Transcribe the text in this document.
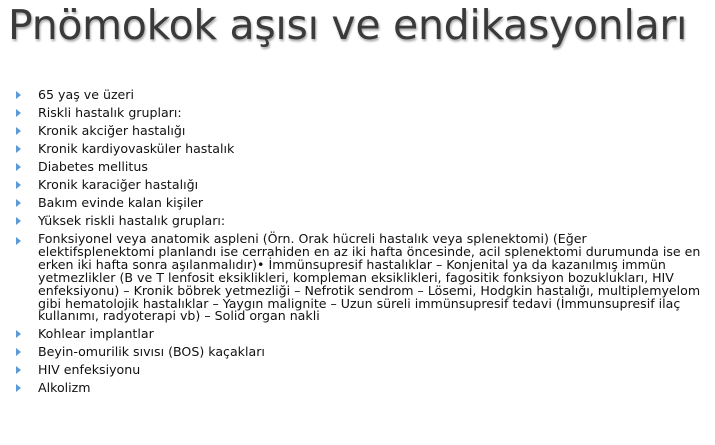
Pnömokok aşısı ve endikasyonları
65 yaş ve üzeri
Riskli hastalık grupları:
Kronik akciğer hastalığı
Kronik kardiyovasküler hastalık
Diabetes mellitus
Kronik karaciğer hastalığı
Bakım evinde kalan kişiler
Yüksek riskli hastalık grupları:
Fonksiyonel veya anatomik aspleni (Örn. Orak hücreli hastalık veya splenektomi) (Eğer elektifsplenektomi planlandı ise cerrahiden en az iki hafta öncesinde, acil splenektomi durumunda ise en erken iki hafta sonra aşılanmalıdır)• İmmünsupresif hastalıklar – Konjenital ya da kazanılmış immün yetmezlikler (B ve T lenfosit eksiklikleri, kompleman eksiklikleri, fagositik fonksiyon bozuklukları, HIV enfeksiyonu) – Kronik böbrek yetmezliği – Nefrotik sendrom – Lösemi, Hodgkin hastalığı, multiplemyelom gibi hematolojik hastalıklar – Yaygın malignite – Uzun süreli immünsupresif tedavi (İmmunsupresif ilaç kullanımı, radyoterapi vb) – Solid organ nakli
Kohlear implantlar
Beyin-omurilik sıvısı (BOS) kaçakları
HIV enfeksiyonu
Alkolizm
